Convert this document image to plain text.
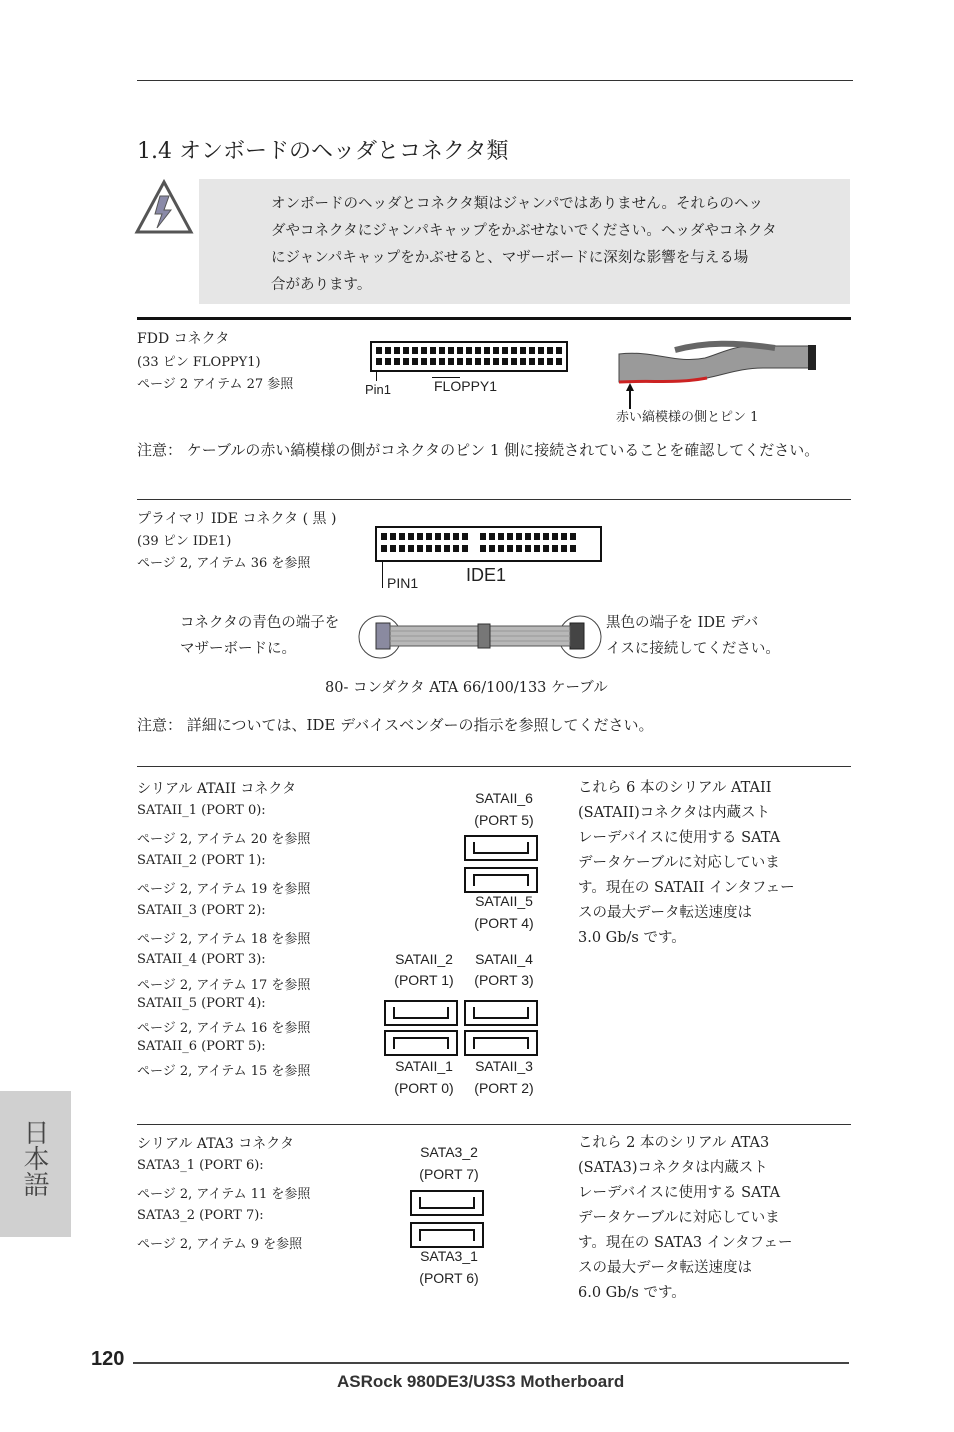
1.4 オンボードのヘッダとコネクタ類
オンボードのヘッダとコネクタ類はジャンパではありません。それらのヘッ
ダやコネクタにジャンパキャップをかぶせないでください。ヘッダやコネクタ
にジャンパキャップをかぶせると、マザーボードに深刻な影響を与える場
合があります。
FDD コネクタ
(33 ピン FLOPPY1)
ページ 2 アイテム 27 参照	Pin1	FLOPPY1
赤い縞模様の側とピン 1
注意： ケーブルの赤い縞模様の側がコネクタのピン 1 側に接続されていることを確認してください。
プライマリ IDE コネクタ ( 黒 )
(39 ピン IDE1)
ページ 2, アイテム 36 を参照
PIN1	IDE1
コネクタの青色の端子を
マザーボードに。
黒色の端子を IDE デバ
イスに接続してください。
80- コンダクタ ATA 66/100/133 ケーブル
注意： 詳細については、IDE デバイスベンダーの指示を参照してください。
シリアル ATAII コネクタ
SATAII_1 (PORT 0):
ページ 2, アイテム 20 を参照
SATAII_2 (PORT 1):
ページ 2, アイテム 19 を参照
SATAII_3 (PORT 2):
ページ 2, アイテム 18 を参照
SATAII_4 (PORT 3):
ページ 2, アイテム 17 を参照
SATAII_5 (PORT 4):
ページ 2, アイテム 16 を参照
SATAII_6 (PORT 5):
ページ 2, アイテム 15 を参照
SATAII_6
(PORT 5)
SATAII_5
(PORT 4)
SATAII_2
(PORT 1)
SATAII_4
(PORT 3)
SATAII_1
(PORT 0)
SATAII_3
(PORT 2)
これら 6 本のシリアル ATAII
(SATAII)コネクタは内蔵スト
レーデバイスに使用する SATA
データケーブルに対応していま
す。現在の SATAII インタフェー
スの最大データ転送速度は
3.0 Gb/s です。
シリアル ATA3 コネクタ
SATA3_1 (PORT 6):
ページ 2, アイテム 11 を参照
SATA3_2 (PORT 7):
ページ 2, アイテム 9 を参照
SATA3_2
(PORT 7)
SATA3_1
(PORT 6)
これら 2 本のシリアル ATA3
(SATA3)コネクタは内蔵スト
レーデバイスに使用する SATA
データケーブルに対応していま
す。現在の SATA3 インタフェー
スの最大データ転送速度は
6.0 Gb/s です。
日本語
120
ASRock 980DE3/U3S3 Motherboard
